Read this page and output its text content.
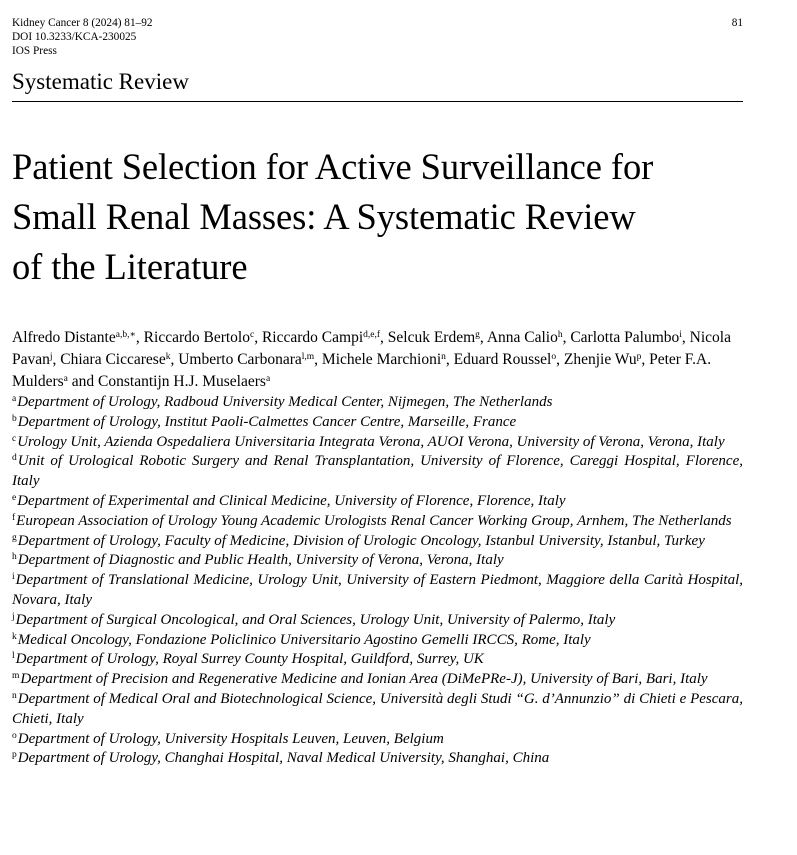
Kidney Cancer 8 (2024) 81–92
DOI 10.3233/KCA-230025
IOS Press
81
Systematic Review
Patient Selection for Active Surveillance for
Small Renal Masses: A Systematic Review
of the Literature
Alfredo Distante$^{a,b,∗}$, Riccardo Bertolo$^c$, Riccardo Campi$^{d,e,f}$, Selcuk Erdem$^g$, Anna Calio$^h$, Carlotta Palumbo$^i$, Nicola Pavan$^j$, Chiara Ciccarese$^k$, Umberto Carbonara$^{l,m}$, Michele Marchioni$^n$, Eduard Roussel$^o$, Zhenjie Wu$^p$, Peter F.A. Mulders$^a$ and Constantijn H.J. Muselaers$^a$
$^a$Department of Urology, Radboud University Medical Center, Nijmegen, The Netherlands
$^b$Department of Urology, Institut Paoli-Calmettes Cancer Centre, Marseille, France
$^c$Urology Unit, Azienda Ospedaliera Universitaria Integrata Verona, AUOI Verona, University of Verona, Verona, Italy
$^d$Unit of Urological Robotic Surgery and Renal Transplantation, University of Florence, Careggi Hospital, Florence, Italy
$^e$Department of Experimental and Clinical Medicine, University of Florence, Florence, Italy
$^f$European Association of Urology Young Academic Urologists Renal Cancer Working Group, Arnhem, The Netherlands
$^g$Department of Urology, Faculty of Medicine, Division of Urologic Oncology, Istanbul University, Istanbul, Turkey
$^h$Department of Diagnostic and Public Health, University of Verona, Verona, Italy
$^i$Department of Translational Medicine, Urology Unit, University of Eastern Piedmont, Maggiore della Carità Hospital, Novara, Italy
$^j$Department of Surgical Oncological, and Oral Sciences, Urology Unit, University of Palermo, Italy
$^k$Medical Oncology, Fondazione Policlinico Universitario Agostino Gemelli IRCCS, Rome, Italy
$^l$Department of Urology, Royal Surrey County Hospital, Guildford, Surrey, UK
$^m$Department of Precision and Regenerative Medicine and Ionian Area (DiMePRe-J), University of Bari, Bari, Italy
$^n$Department of Medical Oral and Biotechnological Science, Università degli Studi “G. d’Annunzio” di Chieti e Pescara, Chieti, Italy
$^o$Department of Urology, University Hospitals Leuven, Leuven, Belgium
$^p$Department of Urology, Changhai Hospital, Naval Medical University, Shanghai, China
